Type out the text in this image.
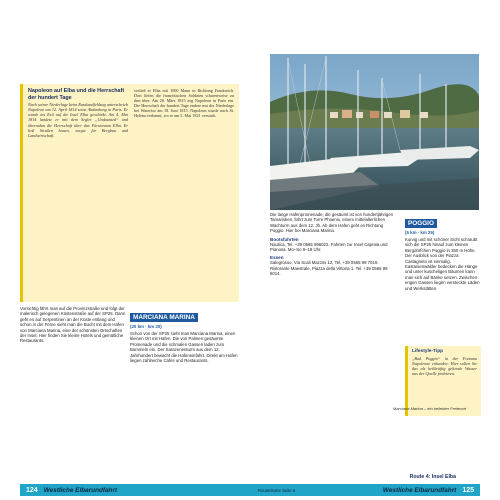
Napoleon auf Elba und die Herrschaft der hundert Tage

Nach seiner Niederlage beim Russlandfeldzug unterschrieb Napoleon am 12. April 1814 seine Abdankung in Paris. Er wurde ins Exil auf die Insel Elba geschickt. Am 4. Mai 1814 landete er mit dem Segler „Undaunted“ und übernahm die Herrschaft über das Fürstentum Elba. Er ließ Straßen bauen, sorgte für Bergbau und Landwirtschaft.

verließ er Elba mit 1000 Mann in Richtung Frankreich. Dort liefen die französischen Soldaten scharenweise zu ihm über. Am 20. März 1815 zog Napoleon in Paris ein. Die Herrschaft der hundert Tage endete mit der Niederlage bei Waterloo am 18. Juni 1815. Napoleon wurde nach St. Helena verbannt, wo er am 5. Mai 1821 verstarb.

Vorsichtig fährt man auf die Provinzstraße und folgt der malerisch gelegenen Küstenstraße auf der SP25. Dann geht es auf Serpentinen an der Küste entlang und schon in der Ferne sieht man die Bucht mit dem Hafen von Marciana Marina, eine der schönsten Ortschaften der Insel. Hier finden Sie kleine Hotels und gemütliche Restaurants.

MARCIANA MARINA

(20 km · km 20)

Schon von der SP25 sieht man Marciana Marina, einen kleinen Ort mit Hafen. Die von Palmen gesäumte Promenade und die schmalen Gassen laden zum Bummeln ein. Der Sarazenenturm aus dem 12. Jahrhundert bewacht die Hafeneinfahrt. Direkt am Hafen liegen zahlreiche Cafés und Restaurants.

124 Westliche Elbarundfahrt

Die lange Hafenpromenade, die gesäumt ist von hundertjährigen Tamarisken, führt zum Torre Phoenix, einem mittelalterlichen Wachturm aus dem 12. Jh. Ab dem Hafen geht es Richtung Poggio. Hier bei Marciana Marina.

Bootsfahrten

Nautica, Tel. +39 0565 996022. Fahrten zur Insel Capraia und Pianosa. Mo–So 9–19 Uhr.

Essen

Salegrosso, Via Scali Mazzini 12, Tel. +39 0565 99 7010. Ristorante Maestrale, Piazza della Vittoria 1. Tel. +39 0565 99 6014.

POGGIO

(5 km · km 25)

Kurvig und mit schöner Sicht schraubt sich die SP25 hinauf zum kleinen Bergdörfchen Poggio in 350 m Höhe. Der Ausblick von der Piazza Castagneto ist einmalig. Kastanienwälder bedecken die Hänge und unter kuscheligen Bäumen kann man sich auf Bänke setzen. Zwischen engen Gassen liegen versteckte Läden und Werkstätten.

Lifestyle-Tipp

„Bad Poggio“ in der Fontana Napoleone erkunden: Hier sollen Sie das als heilkräftig geltende Wasser aus der Quelle probieren.

Marciana Marina – ein beliebter Ferienort
Route 4: Insel Elba
Westliche Elbarundfahrt 125
Routenkarte Seite II
